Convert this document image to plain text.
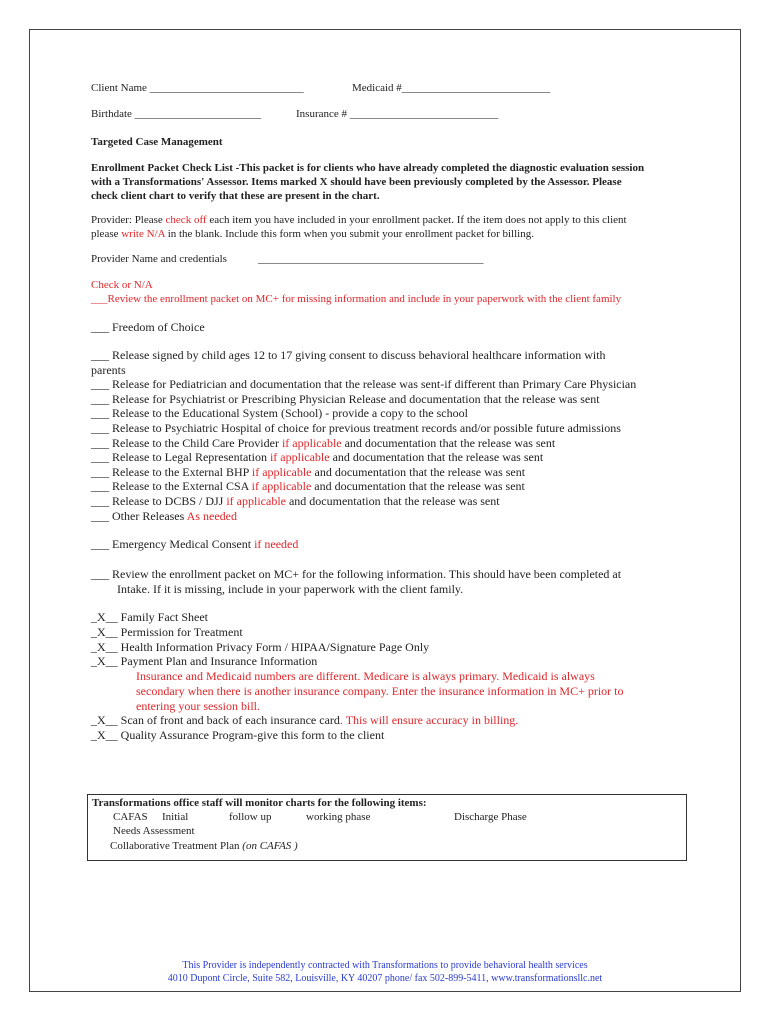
Client Name ____________________________	Medicaid #___________________________
Birthdate _______________________	Insurance # ___________________________
Targeted Case Management
Enrollment Packet Check List -This packet is for clients who have already completed the diagnostic evaluation session
with a Transformations' Assessor. Items marked X should have been previously completed by the Assessor. Please
check client chart to verify that these are present in the chart.
Provider: Please check off each item you have included in your enrollment packet. If the item does not apply to this client
please write N/A in the blank. Include this form when you submit your enrollment packet for billing.
Provider Name and credentials	_________________________________________
Check or N/A
___Review the enrollment packet on MC+ for missing information and include in your paperwork with the client family
___ Freedom of Choice
___ Release signed by child ages 12 to 17 giving consent to discuss behavioral healthcare information with
parents
___ Release for Pediatrician and documentation that the release was sent-if different than Primary Care Physician
___ Release for Psychiatrist or Prescribing Physician Release and documentation that the release was sent
___ Release to the Educational System (School) - provide a copy to the school
___ Release to Psychiatric Hospital of choice for previous treatment records and/or possible future admissions
___ Release to the Child Care Provider if applicable and documentation that the release was sent
___ Release to Legal Representation if applicable and documentation that the release was sent
___ Release to the External BHP if applicable and documentation that the release was sent
___ Release to the External CSA if applicable and documentation that the release was sent
___ Release to DCBS / DJJ if applicable and documentation that the release was sent
___ Other Releases As needed
___ Emergency Medical Consent if needed
___ Review the enrollment packet on MC+ for the following information. This should have been completed at
Intake. If it is missing, include in your paperwork with the client family.
_X__ Family Fact Sheet
_X__ Permission for Treatment
_X__ Health Information Privacy Form / HIPAA/Signature Page Only
_X__ Payment Plan and Insurance Information
Insurance and Medicaid numbers are different. Medicare is always primary. Medicaid is always
secondary when there is another insurance company. Enter the insurance information in MC+ prior to
entering your session bill.
_X__ Scan of front and back of each insurance card. This will ensure accuracy in billing.
_X__ Quality Assurance Program-give this form to the client
Transformations office staff will monitor charts for the following items:
CAFAS Initial	follow up	working phase	Discharge Phase
Needs Assessment
Collaborative Treatment Plan (on CAFAS )
This Provider is independently contracted with Transformations to provide behavioral health services
4010 Dupont Circle, Suite 582, Louisville, KY 40207 phone/ fax 502-899-5411, www.transformationsllc.net
